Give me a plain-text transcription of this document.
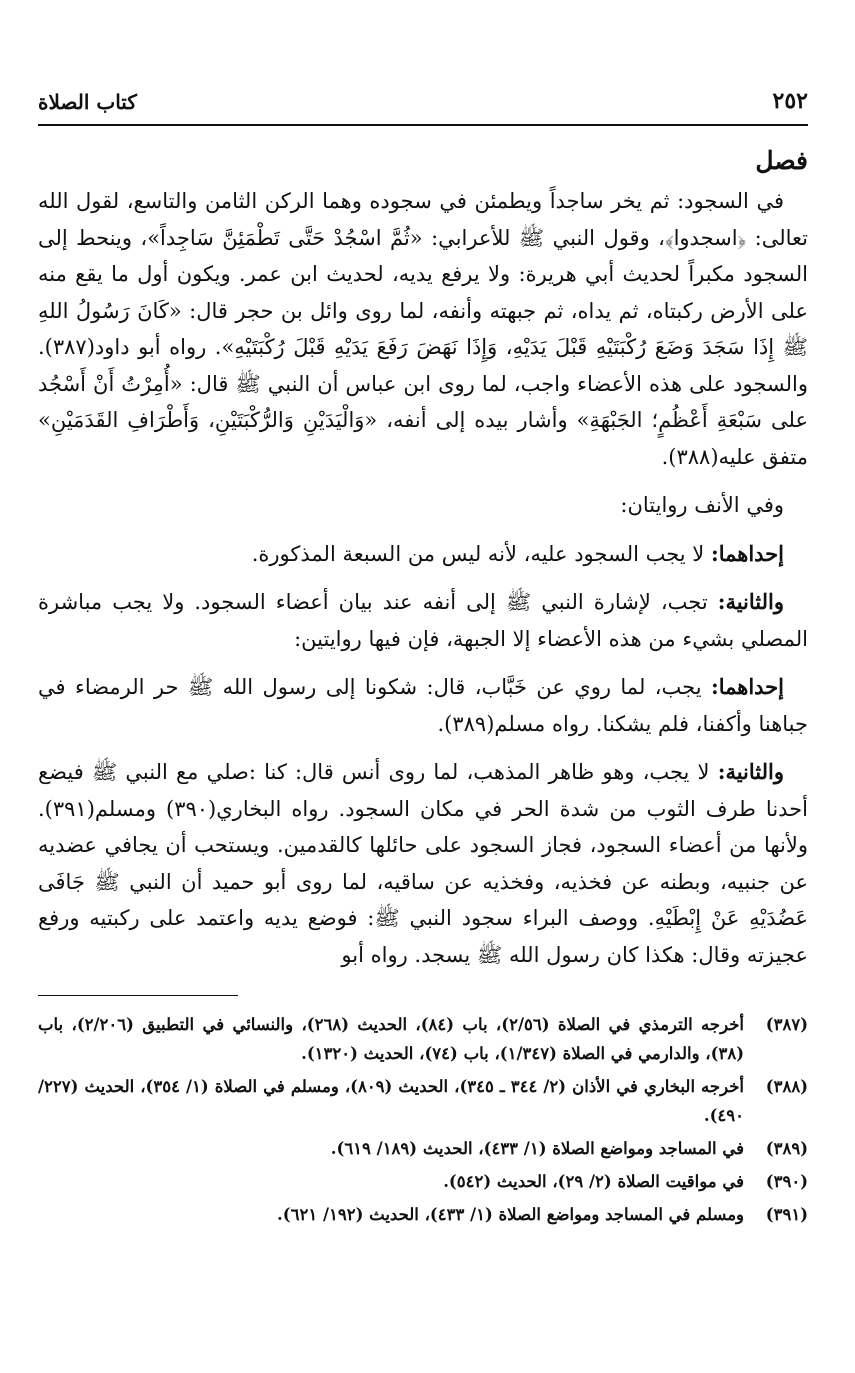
٢٥٢
كتاب الصلاة
فصل

في السجود: ثم يخر ساجداً ويطمئن في سجوده وهما الركن الثامن والتاسع، لقول الله تعالى: ﴿اسجدوا﴾، وقول النبي ﷺ للأعرابي: «ثُمَّ اسْجُدْ حَتَّى تَطْمَئِنَّ سَاجِداً»، وينحط إلى السجود مكبراً لحديث أبي هريرة: ولا يرفع يديه، لحديث ابن عمر. ويكون أول ما يقع منه على الأرض ركبتاه، ثم يداه، ثم جبهته وأنفه، لما روى وائل بن حجر قال: «كَانَ رَسُولُ اللهِ ﷺ إِذَا سَجَدَ وَضَعَ رُكْبَتَيْهِ قَبْلَ يَدَيْهِ، وَإِذَا نَهَضَ رَفَعَ يَدَيْهِ قَبْلَ رُكْبَتَيْهِ». رواه أبو داود(٣٨٧). والسجود على هذه الأعضاء واجب، لما روى ابن عباس أن النبي ﷺ قال: «أُمِرْتُ أَنْ أَسْجُد على سَبْعَةِ أَعْظُمٍ؛ الجَبْهَةِ» وأشار بيده إلى أنفه، «وَالْيَدَيْنِ وَالرُّكْبَتَيْنِ، وَأَطْرَافِ القَدَمَيْنِ» متفق عليه(٣٨٨).

وفي الأنف روايتان:

إحداهما: لا يجب السجود عليه، لأنه ليس من السبعة المذكورة.

والثانية: تجب، لإشارة النبي ﷺ إلى أنفه عند بيان أعضاء السجود. ولا يجب مباشرة المصلي بشيء من هذه الأعضاء إلا الجبهة، فإن فيها روايتين:

إحداهما: يجب، لما روي عن خَبَّاب، قال: شكونا إلى رسول الله ﷺ حر الرمضاء في جباهنا وأكفنا، فلم يشكنا. رواه مسلم(٣٨٩).

والثانية: لا يجب، وهو ظاهر المذهب، لما روى أنس قال: كنا :صلي مع النبي ﷺ فيضع أحدنا طرف الثوب من شدة الحر في مكان السجود. رواه البخاري(٣٩٠) ومسلم(٣٩١). ولأنها من أعضاء السجود، فجاز السجود على حائلها كالقدمين. ويستحب أن يجافي عضديه عن جنبيه، وبطنه عن فخذيه، وفخذيه عن ساقيه، لما روى أبو حميد أن النبي ﷺ جَافَى عَضُدَيْهِ عَنْ إِبْطَيْهِ. ووصف البراء سجود النبي ﷺ: فوضع يديه واعتمد على ركبتيه ورفع عجيزته وقال: هكذا كان رسول الله ﷺ يسجد. رواه أبو

(٣٨٧)
أخرجه الترمذي في الصلاة (٢/٥٦)، باب (٨٤)، الحديث (٢٦٨)، والنسائي في التطبيق (٢/٢٠٦)، باب (٣٨)، والدارمي في الصلاة (١/٣٤٧)، باب (٧٤)، الحديث (١٣٢٠).
(٣٨٨)
أخرجه البخاري في الأذان (٢/ ٣٤٤ ـ ٣٤٥)، الحديث (٨٠٩)، ومسلم في الصلاة (١/ ٣٥٤)، الحديث (٢٢٧/ ٤٩٠).
(٣٨٩)
في المساجد ومواضع الصلاة (١/ ٤٣٣)، الحديث (١٨٩/ ٦١٩).
(٣٩٠)
في مواقيت الصلاة (٢/ ٢٩)، الحديث (٥٤٢).
(٣٩١)
ومسلم في المساجد ومواضع الصلاة (١/ ٤٣٣)، الحديث (١٩٢/ ٦٢١).
